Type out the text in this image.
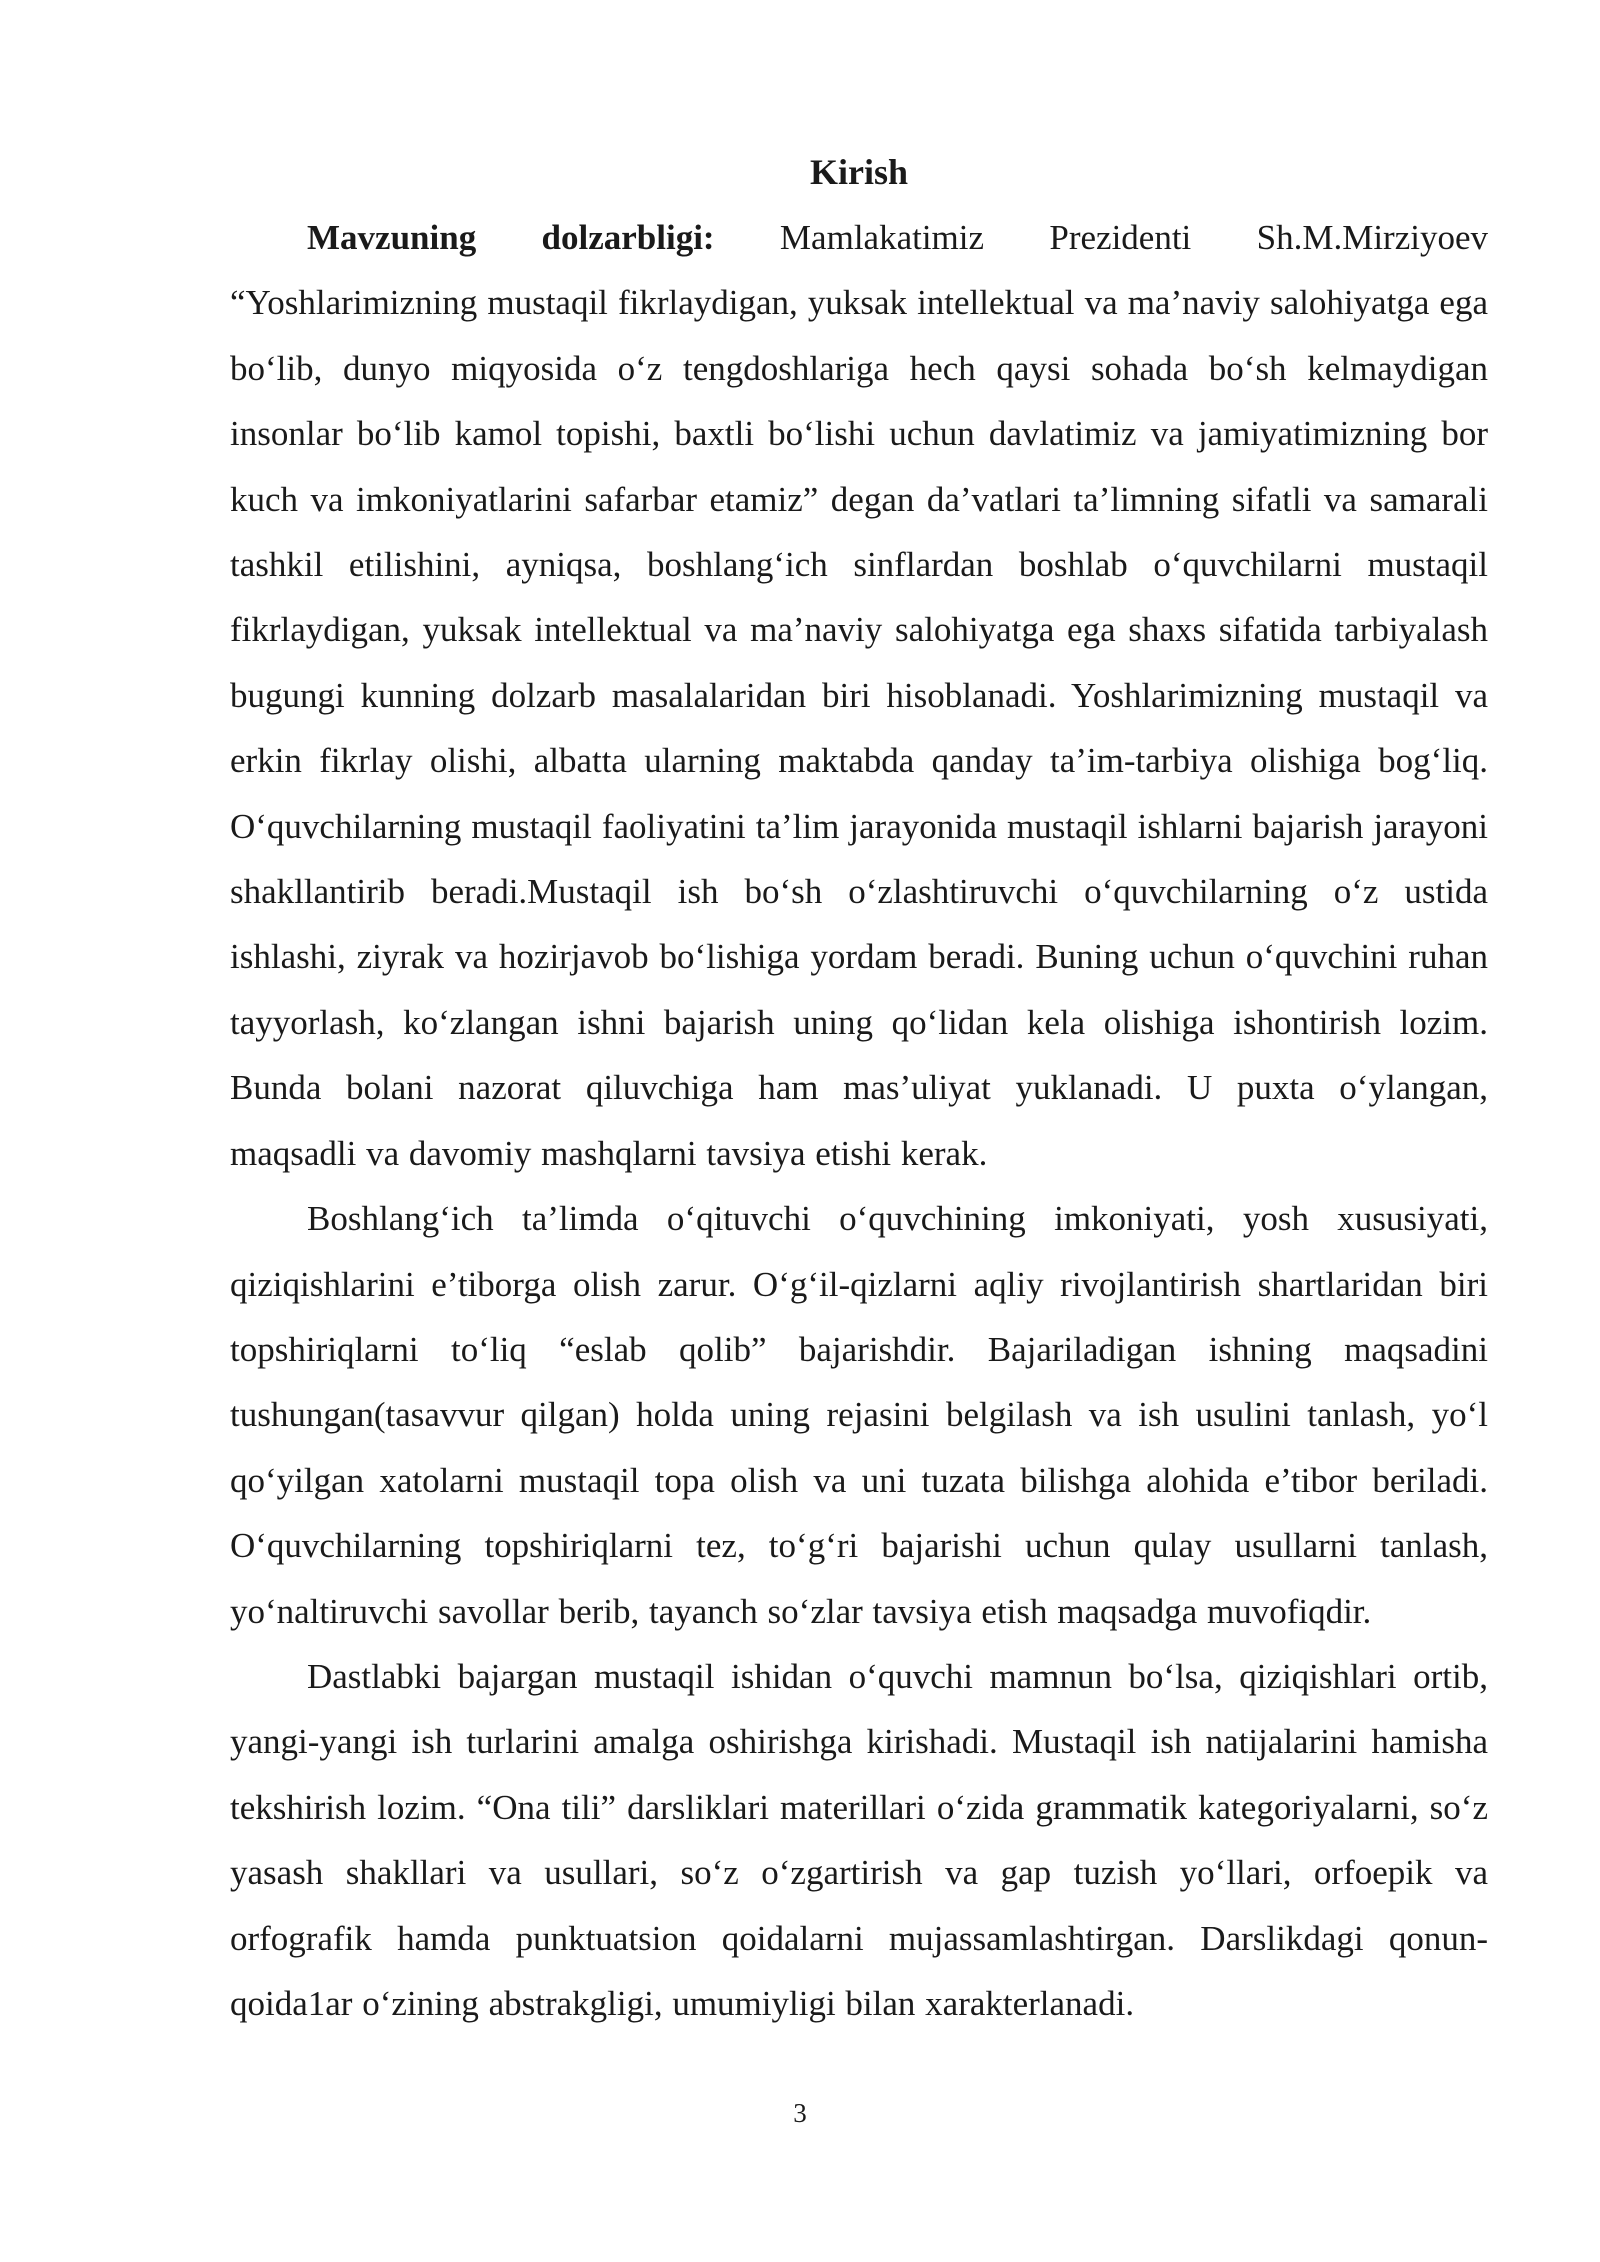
Kirish

Mavzuning dolzarbligi: Mamlakatimiz Prezidenti Sh.M.Mirziyoev “Yoshlarimizning mustaqil fikrlaydigan, yuksak intellektual va ma’naviy salohiyatga ega bo‘lib, dunyo miqyosida o‘z tengdoshlariga hech qaysi sohada bo‘sh kelmaydigan insonlar bo‘lib kamol topishi, baxtli bo‘lishi uchun davlatimiz va jamiyatimizning bor kuch va imkoniyatlarini safarbar etamiz” degan da’vatlari ta’limning sifatli va samarali tashkil etilishini, ayniqsa, boshlang‘ich sinflardan boshlab o‘quvchilarni mustaqil fikrlaydigan, yuksak intellektual va ma’naviy salohiyatga ega shaxs sifatida tarbiyalash bugungi kunning dolzarb masalalaridan biri hisoblanadi. Yoshlarimizning mustaqil va erkin fikrlay olishi, albatta ularning maktabda qanday ta’im-tarbiya olishiga bog‘liq. O‘quvchilarning mustaqil faoliyatini ta’lim jarayonida mustaqil ishlarni bajarish jarayoni shakllantirib beradi.Mustaqil ish bo‘sh o‘zlashtiruvchi o‘quvchilarning o‘z ustida ishlashi, ziyrak va hozirjavob bo‘lishiga yordam beradi. Buning uchun o‘quvchini ruhan tayyorlash, ko‘zlangan ishni bajarish uning qo‘lidan kela olishiga ishontirish lozim. Bunda bolani nazorat qiluvchiga ham mas’uliyat yuklanadi. U puxta o‘ylangan, maqsadli va davomiy mashqlarni tavsiya etishi kerak.

Boshlang‘ich ta’limda o‘qituvchi o‘quvchining imkoniyati, yosh xususiyati, qiziqishlarini e’tiborga olish zarur. O‘g‘il-qizlarni aqliy rivojlantirish shartlaridan biri topshiriqlarni to‘liq “eslab qolib” bajarishdir. Bajariladigan ishning maqsadini tushungan(tasavvur qilgan) holda uning rejasini belgilash va ish usulini tanlash, yo‘l qo‘yilgan xatolarni mustaqil topa olish va uni tuzata bilishga alohida e’tibor beriladi. O‘quvchilarning topshiriqlarni tez, to‘g‘ri bajarishi uchun qulay usullarni tanlash, yo‘naltiruvchi savollar berib, tayanch so‘zlar tavsiya etish maqsadga muvofiqdir.

Dastlabki bajargan mustaqil ishidan o‘quvchi mamnun bo‘lsa, qiziqishlari ortib, yangi-yangi ish turlarini amalga oshirishga kirishadi. Mustaqil ish natijalarini hamisha tekshirish lozim. “Ona tili” darsliklari materillari o‘zida grammatik kategoriyalarni, so‘z yasash shakllari va usullari, so‘z o‘zgartirish va gap tuzish yo‘llari, orfoepik va orfografik hamda punktuatsion qoidalarni mujassamlashtirgan. Darslikdagi qonun-qoida1ar o‘zining abstrakgligi, umumiyligi bilan xarakterlanadi.

3
